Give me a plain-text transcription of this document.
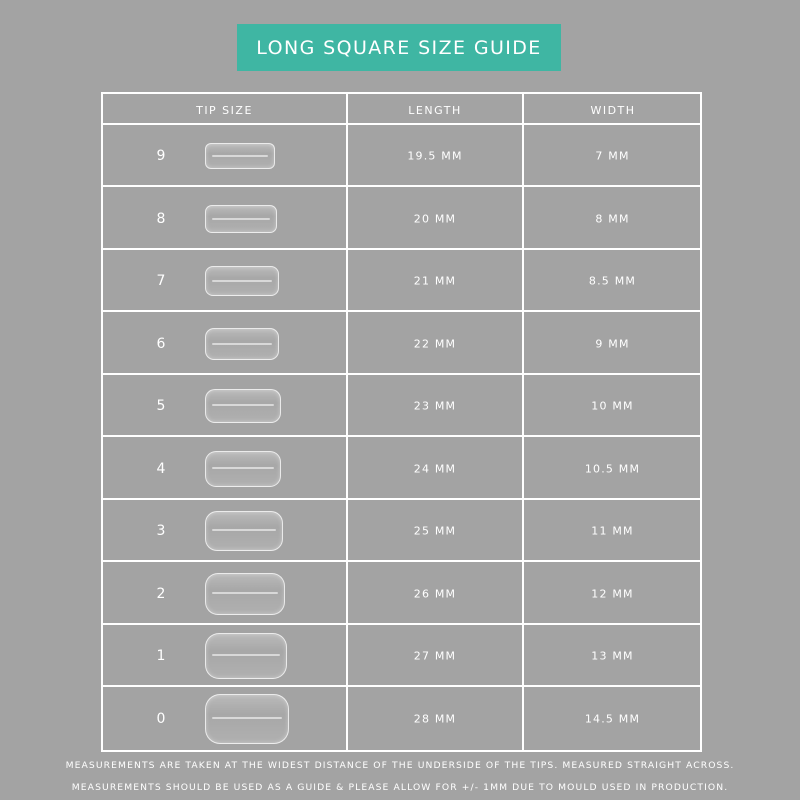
LONG SQUARE SIZE GUIDE
TIP SIZE	LENGTH	WIDTH
9	19.5 MM	7 MM
8	20 MM	8 MM
7	21 MM	8.5 MM
6	22 MM	9 MM
5	23 MM	10 MM
4	24 MM	10.5 MM
3	25 MM	11 MM
2	26 MM	12 MM
1	27 MM	13 MM
0	28 MM	14.5 MM
MEASUREMENTS ARE TAKEN AT THE WIDEST DISTANCE OF THE UNDERSIDE OF THE TIPS. MEASURED STRAIGHT ACROSS.
MEASUREMENTS SHOULD BE USED AS A GUIDE & PLEASE ALLOW FOR +/- 1MM DUE TO MOULD USED IN PRODUCTION.
